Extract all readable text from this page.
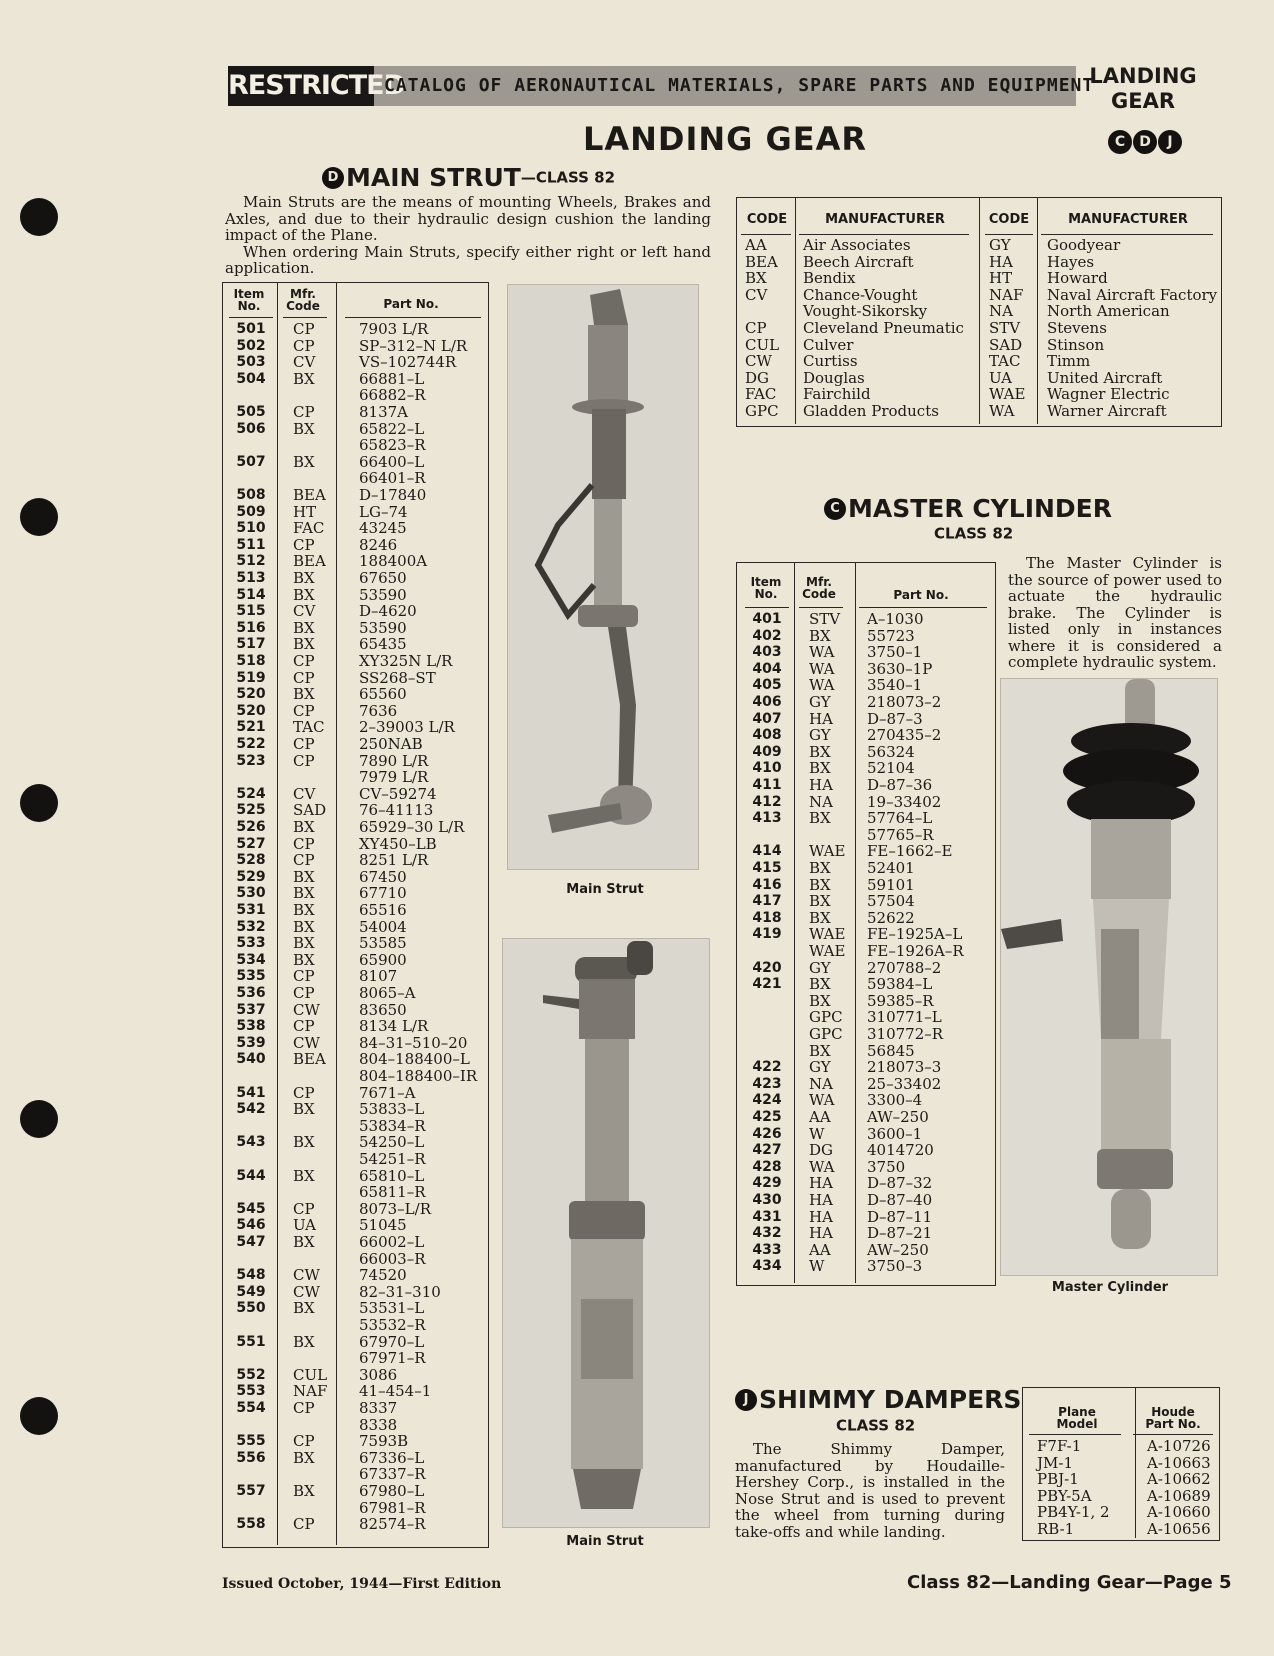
RESTRICTED
CATALOG OF AERONAUTICAL MATERIALS, SPARE PARTS AND EQUIPMENT
LANDING
GEAR
LANDING GEAR	C D J
D MAIN STRUT—CLASS 82
Main Struts are the means of mounting Wheels, Brakes and Axles, and due to their hydraulic design cushion the landing impact of the Plane.
When ordering Main Struts, specify either right or left hand application.
Item
No.
Mfr.
Code	Part No.
501	CP	7903 L/R
502	CP	SP–312–N L/R
503	CV	VS–102744R
504	BX	66881–L
66882–R
505	CP	8137A
506	BX	65822–L
65823–R
507	BX	66400–L
66401–R
508	BEA D–17840
509	HT	LG–74
510	FAC 43245
511	CP	8246
512	BEA 188400A
513	BX	67650
514	BX	53590
515	CV	D–4620
516	BX	53590
517	BX	65435
518	CP	XY325N L/R
519	CP	SS268–ST
520	BX	65560
520	CP	7636
521	TAC 2–39003 L/R
522	CP	250NAB
523	CP	7890 L/R
7979 L/R
524	CV	CV–59274
525	SAD 76–41113
526	BX	65929–30 L/R
527	CP	XY450–LB
528	CP	8251 L/R
529	BX	67450
530	BX	67710
531	BX	65516
532	BX	54004
533	BX	53585
534	BX	65900
535	CP	8107
536	CP	8065–A
537	CW	83650
538	CP	8134 L/R
539	CW	84–31–510–20
540	BEA 804–188400–L
804–188400–IR
541	CP	7671–A
542	BX	53833–L
53834–R
543	BX	54250–L
54251–R
544	BX	65810–L
65811–R
545	CP	8073–L/R
546	UA	51045
547	BX	66002–L
66003–R
548	CW	74520
549	CW	82–31–310
550	BX	53531–L
53532–R
551	BX	67970–L
67971–R
552	CUL 3086
553	NAF 41–454–1
554	CP	8337
8338
555	CP	7593B
556	BX	67336–L
67337–R
557	BX	67980–L
67981–R
558	CP	82574–R
Main Strut
Main Strut
CODE	MANUFACTURER	CODE	MANUFACTURER
AA Air Associates	GY Goodyear
BEA Beech Aircraft	HA Hayes
BX Bendix	HT Howard
CV Chance-Vought	NAF Naval Aircraft Factory
Vought-Sikorsky	NA North American
CP Cleveland Pneumatic STV Stevens
CUL Culver	SAD Stinson
CW Curtiss	TAC Timm
DG Douglas	UA United Aircraft
FAC Fairchild	WAE Wagner Electric
GPC Gladden Products	WA Warner Aircraft
C MASTER CYLINDER
CLASS 82
The Master Cylinder is the source of power used to actuate the hydraulic brake. The Cylinder is listed only in instances where it is considered a complete hydraulic system.
Item
No.
Mfr.
Code	Part No.
401	STV A–1030
402	BX 55723
403	WA 3750–1
404	WA 3630–1P
405	WA 3540–1
406	GY 218073–2
407	HA D–87–3
408	GY 270435–2
409	BX 56324
410	BX 52104
411	HA D–87–36
412	NA 19–33402
413	BX 57764–L
57765–R
414	WAE FE–1662–E
415	BX 52401
416	BX 59101
417	BX 57504
418	BX 52622
419	WAE FE–1925A–L
WAE FE–1926A–R
420	GY 270788–2
421	BX 59384–L
BX 59385–R
GPC 310771–L
GPC 310772–R
BX 56845
422	GY 218073–3
423	NA 25–33402
424	WA 3300–4
425	AA AW–250
426	W	3600–1
427	DG 4014720
428	WA 3750
429	HA D–87–32
430	HA D–87–40
431	HA D–87–11
432	HA D–87–21
433	AA AW–250
434	W	3750–3
Master Cylinder
J SHIMMY DAMPERS
CLASS 82
The Shimmy Damper, manufactured by Houdaille-Hershey Corp., is installed in the Nose Strut and is used to prevent the wheel from turning during take-offs and while landing.
Plane
Model
Houde
Part No.
F7F-1	A-10726
JM-1	A-10663
PBJ-1	A-10662
PBY-5A	A-10689
PB4Y-1, 2 A-10660
RB-1	A-10656
Issued October, 1944—First Edition	Class 82—Landing Gear—Page 5
